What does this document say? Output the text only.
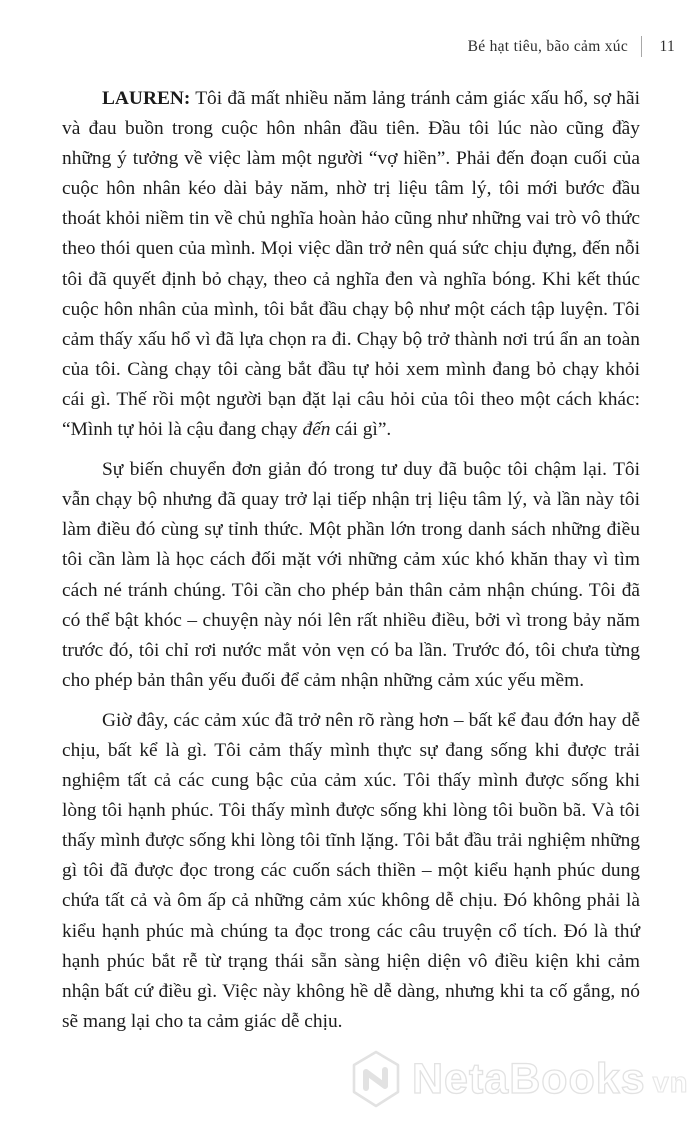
Bé hạt tiêu, bão cảm xúc 11

LAUREN: Tôi đã mất nhiều năm lảng tránh cảm giác xấu hổ, sợ hãi và đau buồn trong cuộc hôn nhân đầu tiên. Đầu tôi lúc nào cũng đầy những ý tưởng về việc làm một người “vợ hiền”. Phải đến đoạn cuối của cuộc hôn nhân kéo dài bảy năm, nhờ trị liệu tâm lý, tôi mới bước đầu thoát khỏi niềm tin về chủ nghĩa hoàn hảo cũng như những vai trò vô thức theo thói quen của mình. Mọi việc dần trở nên quá sức chịu đựng, đến nỗi tôi đã quyết định bỏ chạy, theo cả nghĩa đen và nghĩa bóng. Khi kết thúc cuộc hôn nhân của mình, tôi bắt đầu chạy bộ như một cách tập luyện. Tôi cảm thấy xấu hổ vì đã lựa chọn ra đi. Chạy bộ trở thành nơi trú ẩn an toàn của tôi. Càng chạy tôi càng bắt đầu tự hỏi xem mình đang bỏ chạy khỏi cái gì. Thế rồi một người bạn đặt lại câu hỏi của tôi theo một cách khác: “Mình tự hỏi là cậu đang chạy đến cái gì”.

Sự biến chuyển đơn giản đó trong tư duy đã buộc tôi chậm lại. Tôi vẫn chạy bộ nhưng đã quay trở lại tiếp nhận trị liệu tâm lý, và lần này tôi làm điều đó cùng sự tỉnh thức. Một phần lớn trong danh sách những điều tôi cần làm là học cách đối mặt với những cảm xúc khó khăn thay vì tìm cách né tránh chúng. Tôi cần cho phép bản thân cảm nhận chúng. Tôi đã có thể bật khóc – chuyện này nói lên rất nhiều điều, bởi vì trong bảy năm trước đó, tôi chỉ rơi nước mắt vỏn vẹn có ba lần. Trước đó, tôi chưa từng cho phép bản thân yếu đuối để cảm nhận những cảm xúc yếu mềm.

Giờ đây, các cảm xúc đã trở nên rõ ràng hơn – bất kể đau đớn hay dễ chịu, bất kể là gì. Tôi cảm thấy mình thực sự đang sống khi được trải nghiệm tất cả các cung bậc của cảm xúc. Tôi thấy mình được sống khi lòng tôi hạnh phúc. Tôi thấy mình được sống khi lòng tôi buồn bã. Và tôi thấy mình được sống khi lòng tôi tĩnh lặng. Tôi bắt đầu trải nghiệm những gì tôi đã được đọc trong các cuốn sách thiền – một kiểu hạnh phúc dung chứa tất cả và ôm ấp cả những cảm xúc không dễ chịu. Đó không phải là kiểu hạnh phúc mà chúng ta đọc trong các câu truyện cổ tích. Đó là thứ hạnh phúc bắt rễ từ trạng thái sẵn sàng hiện diện vô điều kiện khi cảm nhận bất cứ điều gì. Việc này không hề dễ dàng, nhưng khi ta cố gắng, nó sẽ mang lại cho ta cảm giác dễ chịu.

NetaBooks vn
